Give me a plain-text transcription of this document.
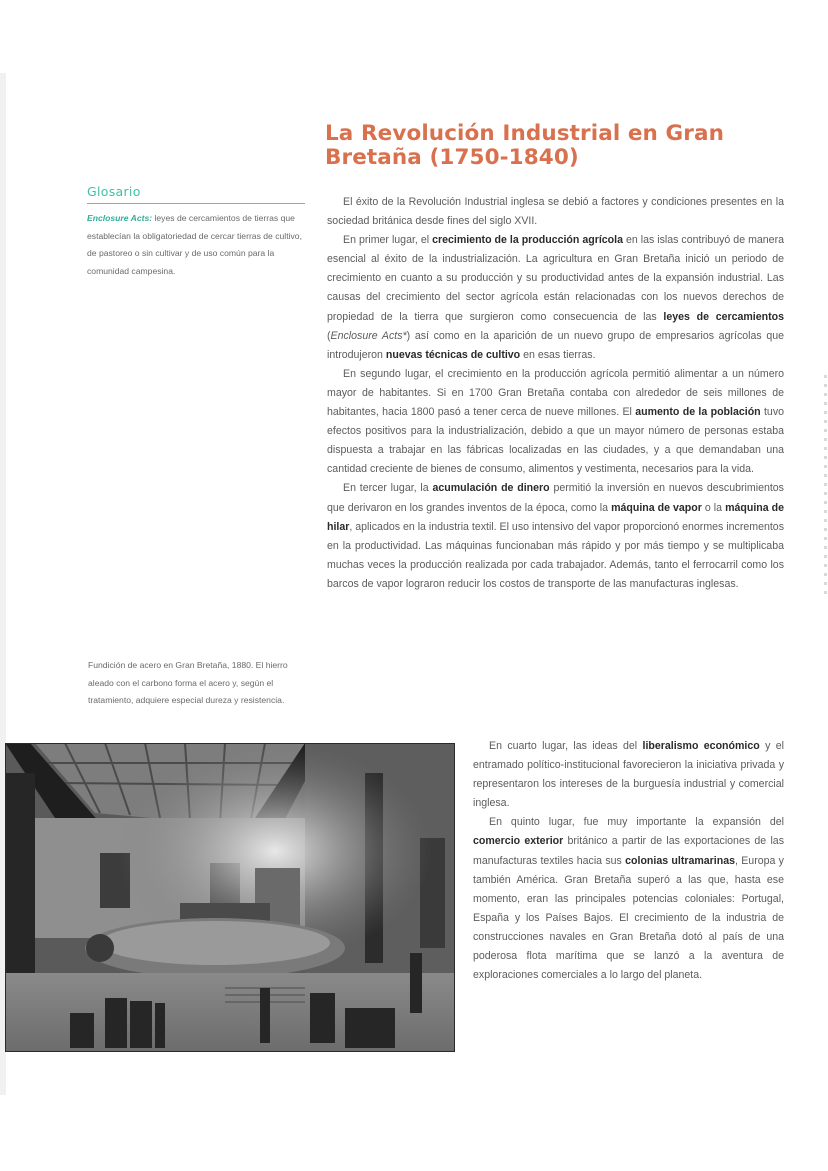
La Revolución Industrial en Gran Bretaña (1750-1840)
Glosario
Enclosure Acts: leyes de cercamientos de tierras que establecían la obligatoriedad de cercar tierras de cultivo, de pastoreo o sin cultivar y de uso común para la comunidad campesina.
Fundición de acero en Gran Bretaña, 1880. El hierro aleado con el carbono forma el acero y, según el tratamiento, adquiere especial dureza y resistencia.

El éxito de la Revolución Industrial inglesa se debió a factores y condiciones presentes en la sociedad británica desde fines del siglo XVII.

En primer lugar, el crecimiento de la producción agrícola en las islas contribuyó de manera esencial al éxito de la industrialización. La agricultura en Gran Bretaña inició un periodo de crecimiento en cuanto a su producción y su productividad antes de la expansión industrial. Las causas del crecimiento del sector agrícola están relacionadas con los nuevos derechos de propiedad de la tierra que surgieron como consecuencia de las leyes de cercamientos (Enclosure Acts*) así como en la aparición de un nuevo grupo de empresarios agrícolas que introdujeron nuevas técnicas de cultivo en esas tierras.

En segundo lugar, el crecimiento en la producción agrícola permitió alimentar a un número mayor de habitantes. Si en 1700 Gran Bretaña contaba con alrededor de seis millones de habitantes, hacia 1800 pasó a tener cerca de nueve millones. El aumento de la población tuvo efectos positivos para la industrialización, debido a que un mayor número de personas estaba dispuesta a trabajar en las fábricas localizadas en las ciudades, y a que demandaban una cantidad creciente de bienes de consumo, alimentos y vestimenta, necesarios para la vida.

En tercer lugar, la acumulación de dinero permitió la inversión en nuevos descubrimientos que derivaron en los grandes inventos de la época, como la máquina de vapor o la máquina de hilar, aplicados en la industria textil. El uso intensivo del vapor proporcionó enormes incrementos en la productividad. Las máquinas funcionaban más rápido y por más tiempo y se multiplicaba muchas veces la producción realizada por cada trabajador. Además, tanto el ferrocarril como los barcos de vapor lograron reducir los costos de transporte de las manufacturas inglesas.

En cuarto lugar, las ideas del liberalismo económico y el entramado político-institucional favorecieron la iniciativa privada y representaron los intereses de la burguesía industrial y comercial inglesa.

En quinto lugar, fue muy importante la expansión del comercio exterior británico a partir de las exportaciones de las manufacturas textiles hacia sus colonias ultramarinas, Europa y también América. Gran Bretaña superó a las que, hasta ese momento, eran las principales potencias coloniales: Portugal, España y los Países Bajos. El crecimiento de la industria de construcciones navales en Gran Bretaña dotó al país de una poderosa flota marítima que se lanzó a la aventura de exploraciones comerciales a lo largo del planeta.
